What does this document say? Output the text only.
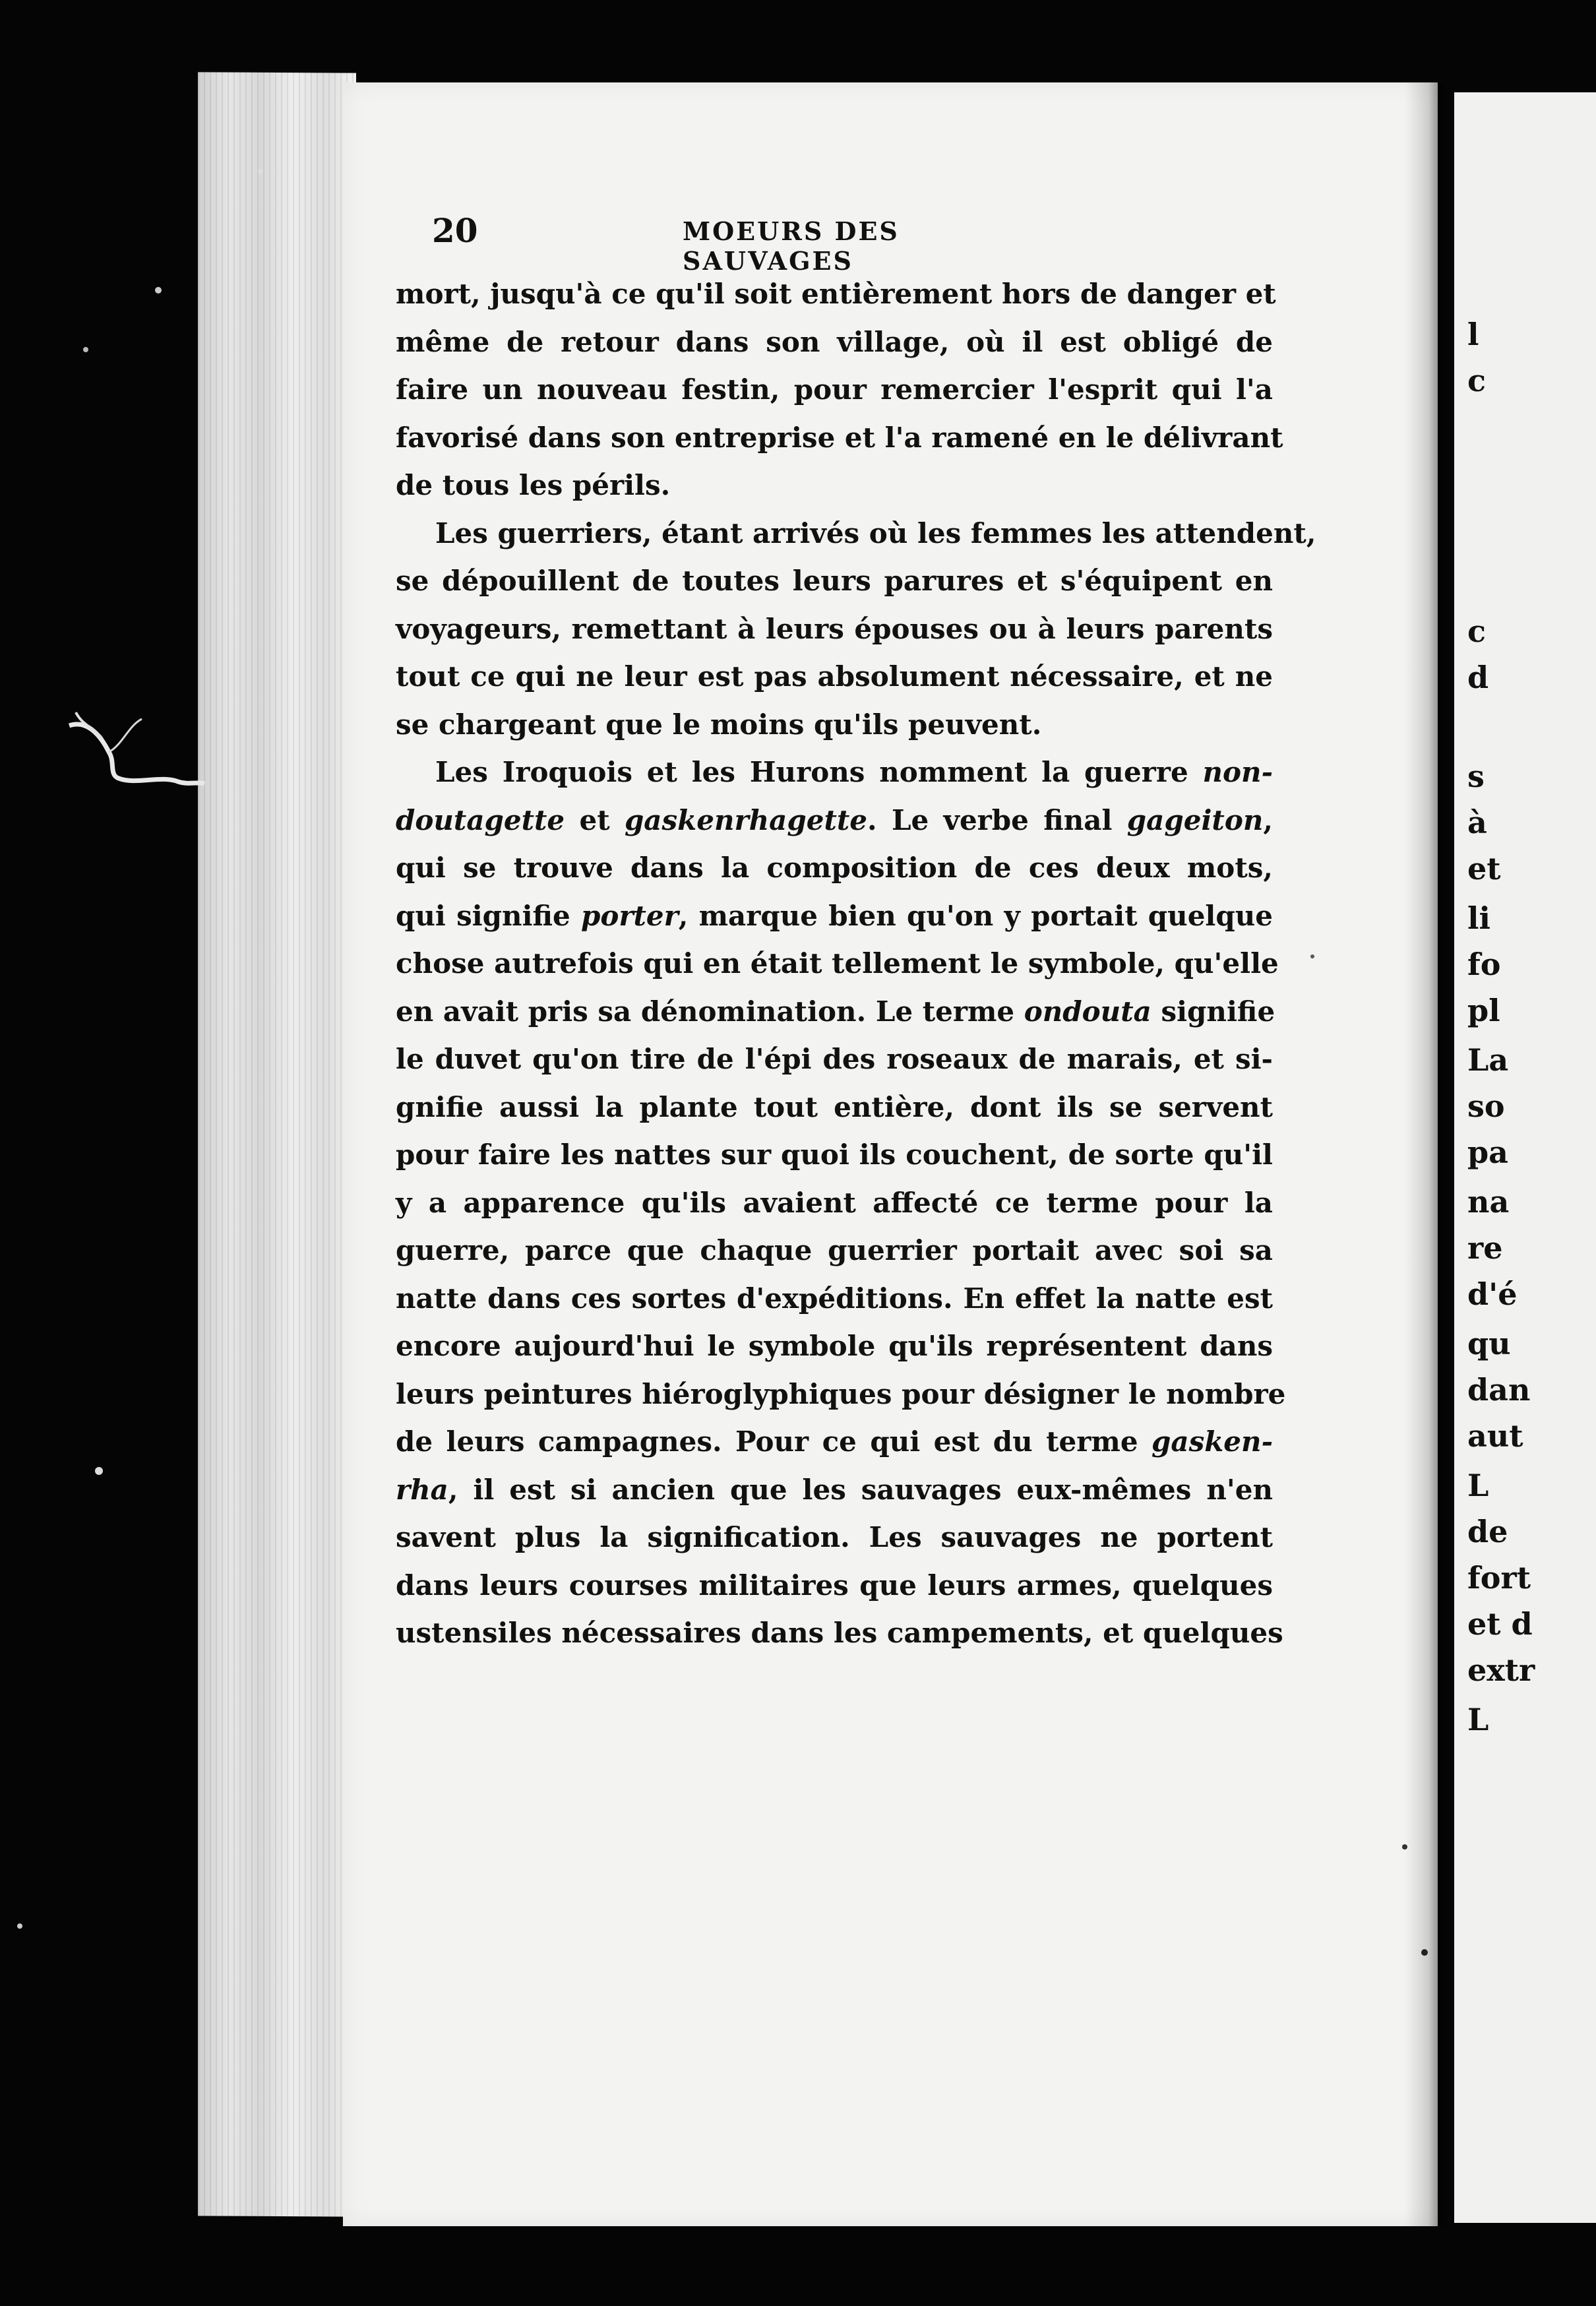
l
c
c
d
s
à
et
li
fo
pl
La
so
pa
na
re
d'é
qu
dan
aut
L
de
fort
et d
extr
L
20	MOEURS DES SAUVAGES
mort, jusqu'à ce qu'il soit entièrement hors de danger et
même de retour dans son village, où il est obligé de
faire un nouveau festin, pour remercier l'esprit qui l'a
favorisé dans son entreprise et l'a ramené en le délivrant
de tous les périls.
Les guerriers, étant arrivés où les femmes les attendent,
se dépouillent de toutes leurs parures et s'équipent en
voyageurs, remettant à leurs épouses ou à leurs parents
tout ce qui ne leur est pas absolument nécessaire, et ne
se chargeant que le moins qu'ils peuvent.
Les Iroquois et les Hurons nomment la guerre non-
doutagette et gaskenrhagette. Le verbe final gageiton,
qui se trouve dans la composition de ces deux mots,
qui signifie porter, marque bien qu'on y portait quelque
chose autrefois qui en était tellement le symbole, qu'elle
en avait pris sa dénomination. Le terme ondouta signifie
le duvet qu'on tire de l'épi des roseaux de marais, et si-
gnifie aussi la plante tout entière, dont ils se servent
pour faire les nattes sur quoi ils couchent, de sorte qu'il
y a apparence qu'ils avaient affecté ce terme pour la
guerre, parce que chaque guerrier portait avec soi sa
natte dans ces sortes d'expéditions. En effet la natte est
encore aujourd'hui le symbole qu'ils représentent dans
leurs peintures hiéroglyphiques pour désigner le nombre
de leurs campagnes. Pour ce qui est du terme gasken-
rha, il est si ancien que les sauvages eux-mêmes n'en
savent plus la signification. Les sauvages ne portent
dans leurs courses militaires que leurs armes, quelques
ustensiles nécessaires dans les campements, et quelques
